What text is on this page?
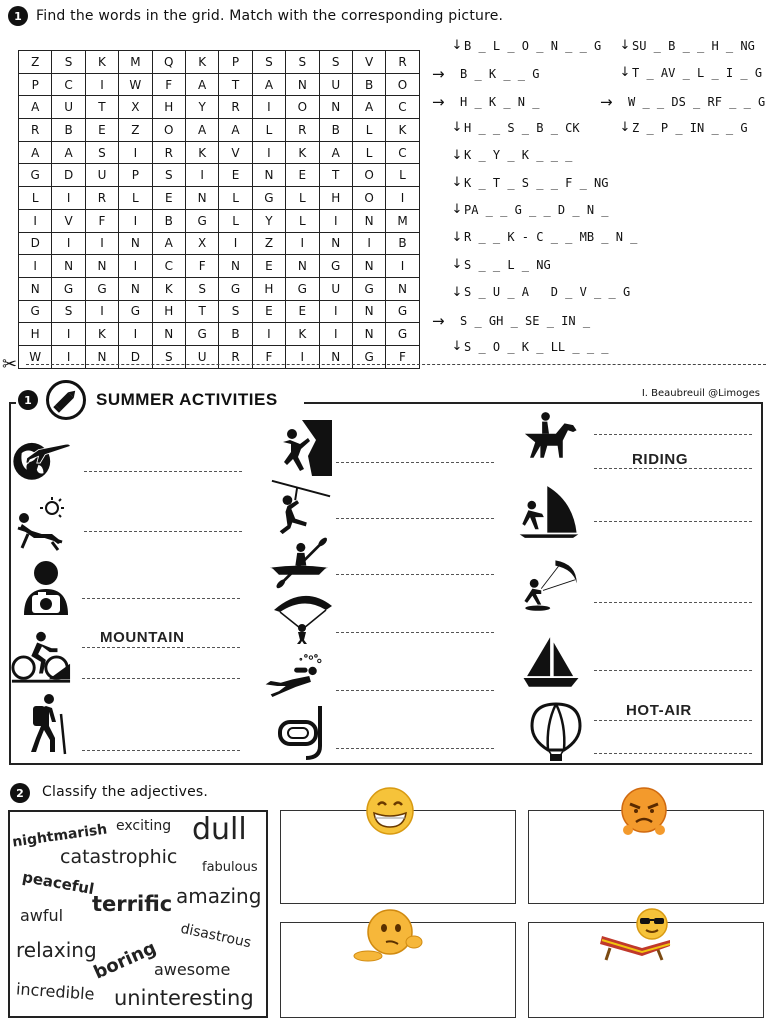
1	Find the words in the grid. Match with the corresponding picture.
Z	S	K	M	Q	K	P	S	S	S	V	R
P	C	I	W	F	A	T	A	N	U	B	O
A	U	T	X	H	Y	R	I	O	N	A	C
R	B	E	Z	O	A	A	L	R	B	L	K
A	A	S	I	R	K	V	I	K	A	L	C
G	D	U	P	S	I	E	N	E	T	O	L
L	I	R	L	E	N	L	G	L	H	O	I
I	V	F	I	B	G	L	Y	L	I	N	M
D	I	I	N	A	X	I	Z	I	N	I	B
I	N	N	I	C	F	N	E	N	G	N	I
N	G	G	N	K	S	G	H	G	U	G	N
G	S	I	G	H	T	S	E	E	I	N	G
H	I	K	I	N	G	B	I	K	I	N	G
W	I	N	D	S	U	R	F	I	N	G	F
↓ B _ L _ O _ N _ _ G
→	B _ K _ _ G
→	H _ K _ N _
↓ H _ _ S _ B _ CK
↓ K _ Y _ K _ _ _
↓ K _ T _ S _ _ F _ NG
↓ PA _ _ G _ _ D _ N _
↓ R _ _ K - C _ _ MB _ N _
↓ S _ _ L _ NG
↓ S _ U _ A   D _ V _ _ G
→	S _ GH _ SE _ IN _
↓ S _ O _ K _ LL _ _ _
↓ SU _ B _ _ H _ NG
↓ T _ AV _ L _ I _ G
→	W _ _ DS _ RF _ _ G
↓ Z _ P _ IN _ _ G
✂
1	SUMMER ACTIVITIES	I. Beaubreuil @Limoges
RIDING
MOUNTAIN
HOT-AIR
2	Classify the adjectives.
nightmarish exciting dull
catastrophic fabulous
peaceful
terrific amazing
awful
disastrous
relaxing
boring
awesome
incredible uninteresting
